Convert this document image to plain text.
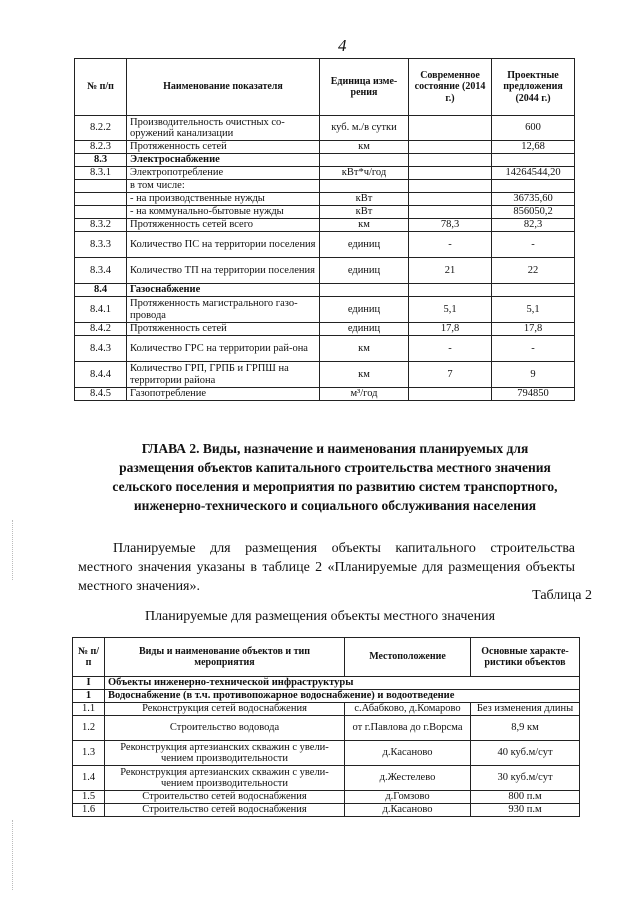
4
№ п/п	Наименование показателя	Единица изме-рения	Современное состояние (2014 г.)	Проектные предложения (2044 г.)
8.2.2	Производительность очистных со-оружений канализации	куб. м./в сутки		600
8.2.3	Протяженность сетей	км		12,68
8.3	Электроснабжение			
8.3.1	Электропотребление	кВт*ч/год		14264544,20
	в том числе:			
	- на производственные нужды	кВт		36735,60
	- на коммунально-бытовые нужды	кВт		856050,2
8.3.2	Протяженность сетей всего	км	78,3	82,3
8.3.3	Количество ПС на территории поселения	единиц	-	-
8.3.4	Количество ТП на территории поселения	единиц	21	22
8.4	Газоснабжение			
8.4.1	Протяженность магистрального газо-провода	единиц	5,1	5,1
8.4.2	Протяженность сетей	единиц	17,8	17,8
8.4.3	Количество ГРС на территории рай-она	км	-	-
8.4.4	Количество ГРП, ГРПБ и ГРПШ на территории района	км	7	9
8.4.5	Газопотребление	м³/год		794850
ГЛАВА 2. Виды, назначение и наименования планируемых для размещения объектов капитального строительства местного значения сельского поселения и мероприятия по развитию систем транспортного, инженерно-технического и социального обслуживания населения

Планируемые для размещения объекты капитального строительства местного значения указаны в таблице 2 «Планируемые для размещения объекты местного значения».

Таблица 2
Планируемые для размещения объекты местного значения
№ п/п	Виды и наименование объектов и тип мероприятия	Местоположение	Основные характе-ристики объектов
I	Объекты инженерно-технической инфраструктуры		
1	Водоснабжение (в т.ч. противопожарное водоснабжение) и водоотведение		
1.1	Реконструкция сетей водоснабжения	с.Абабково, д.Комарово	Без изменения длины
1.2	Строительство водовода	от г.Павлова до г.Ворсма	8,9 км
1.3	Реконструкция артезианских скважин с увели-чением производительности	д.Касаново	40 куб.м/сут
1.4	Реконструкция артезианских скважин с увели-чением производительности	д.Жестелево	30 куб.м/сут
1.5	Строительство сетей водоснабжения	д.Гомзово	800 п.м
1.6	Строительство сетей водоснабжения	д.Касаново	930 п.м
